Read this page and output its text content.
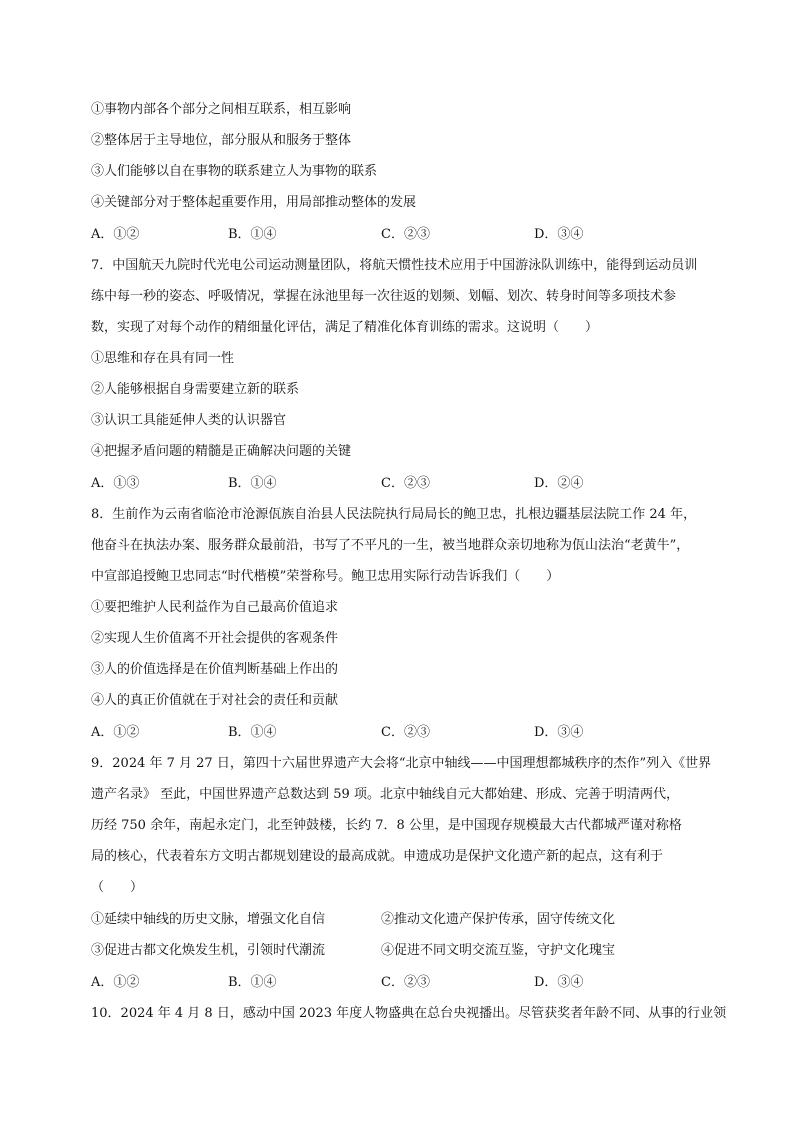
①事物内部各个部分之间相互联系，相互影响
②整体居于主导地位，部分服从和服务于整体
③人们能够以自在事物的联系建立人为事物的联系
④关键部分对于整体起重要作用，用局部推动整体的发展
A．①②	B．①④	C．②③	D．③④
7．中国航天九院时代光电公司运动测量团队，将航天惯性技术应用于中国游泳队训练中，能得到运动员训
练中每一秒的姿态、呼吸情况，掌握在泳池里每一次往返的划频、划幅、划次、转身时间等多项技术参
数，实现了对每个动作的精细量化评估，满足了精准化体育训练的需求。这说明（　　）
①思维和存在具有同一性
②人能够根据自身需要建立新的联系
③认识工具能延伸人类的认识器官
④把握矛盾问题的精髓是正确解决问题的关键
A．①③	B．①④	C．②③	D．②④
8．生前作为云南省临沧市沧源佤族自治县人民法院执行局局长的鲍卫忠，扎根边疆基层法院工作 24 年，
他奋斗在执法办案、服务群众最前沿，书写了不平凡的一生，被当地群众亲切地称为佤山法治“老黄牛”，
中宣部追授鲍卫忠同志“时代楷模”荣誉称号。鲍卫忠用实际行动告诉我们（　　）
①要把维护人民利益作为自己最高价值追求
②实现人生价值离不开社会提供的客观条件
③人的价值选择是在价值判断基础上作出的
④人的真正价值就在于对社会的责任和贡献
A．①②	B．①④	C．②③	D．③④
9．2024 年 7 月 27 日，第四十六届世界遗产大会将“北京中轴线——中国理想都城秩序的杰作”列入《世界
遗产名录》 至此，中国世界遗产总数达到 59 项。北京中轴线自元大都始建、形成、完善于明清两代，
历经 750 余年，南起永定门，北至钟鼓楼，长约 7．8 公里，是中国现存规模最大古代都城严谨对称格
局的核心，代表着东方文明古都规划建设的最高成就。申遗成功是保护文化遗产新的起点，这有利于
（　　）
①延续中轴线的历史文脉，增强文化自信	②推动文化遗产保护传承，固守传统文化
③促进古都文化焕发生机，引领时代潮流	④促进不同文明交流互鉴，守护文化瑰宝
A．①②	B．①④	C．②③	D．③④
10．2024 年 4 月 8 日，感动中国 2023 年度人物盛典在总台央视播出。尽管获奖者年龄不同、从事的行业领
